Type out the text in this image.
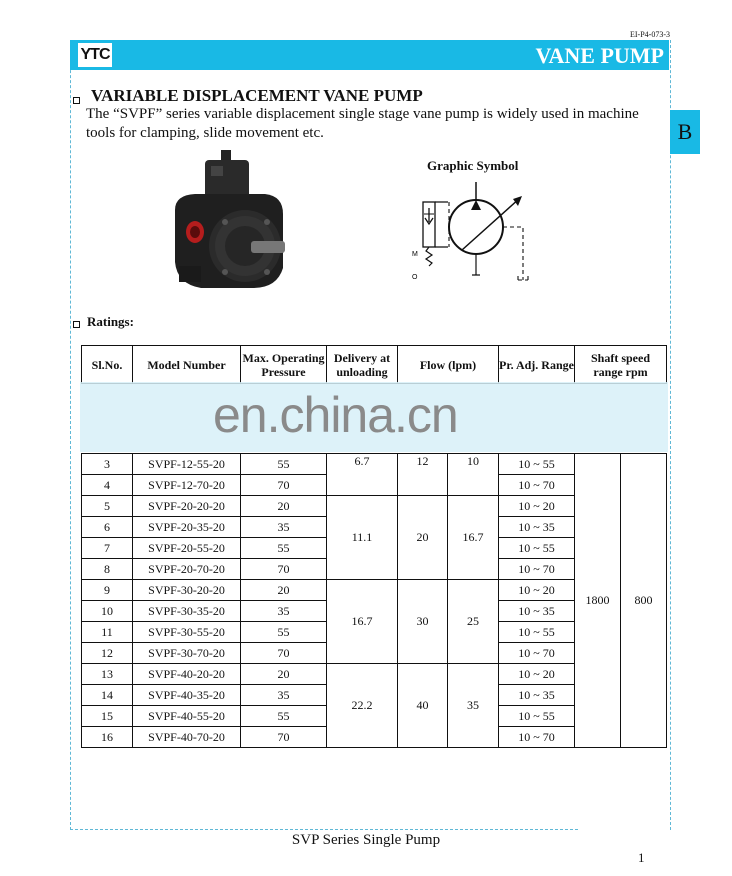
EI-P4-073-3
YTC	VANE PUMP
B
VARIABLE DISPLACEMENT VANE PUMP
The “SVPF” series variable displacement single stage vane pump is widely used in machine tools for clamping, slide movement etc.
Graphic Symbol
M
O
Ratings:
Sl.No.	Model Number	Max. Operating Pressure	Delivery at unloading	Flow (lpm)		Pr. Adj. Range	Shaft speed range rpm	

3	SVPF-12-55-20	55	6.7	12	10	10 ~ 55	1800	800
4	SVPF-12-70-20	70				10 ~ 70		
5	SVPF-20-20-20	20	11.1	20	16.7	10 ~ 20		
6	SVPF-20-35-20	35				10 ~ 35		
7	SVPF-20-55-20	55				10 ~ 55		
8	SVPF-20-70-20	70				10 ~ 70		
9	SVPF-30-20-20	20	16.7	30	25	10 ~ 20		
10	SVPF-30-35-20	35				10 ~ 35		
11	SVPF-30-55-20	55				10 ~ 55		
12	SVPF-30-70-20	70				10 ~ 70		
13	SVPF-40-20-20	20	22.2	40	35	10 ~ 20		
14	SVPF-40-35-20	35				10 ~ 35		
15	SVPF-40-55-20	55				10 ~ 55		
16	SVPF-40-70-20	70				10 ~ 70		
en.china.cn
SVP Series Single Pump
1
